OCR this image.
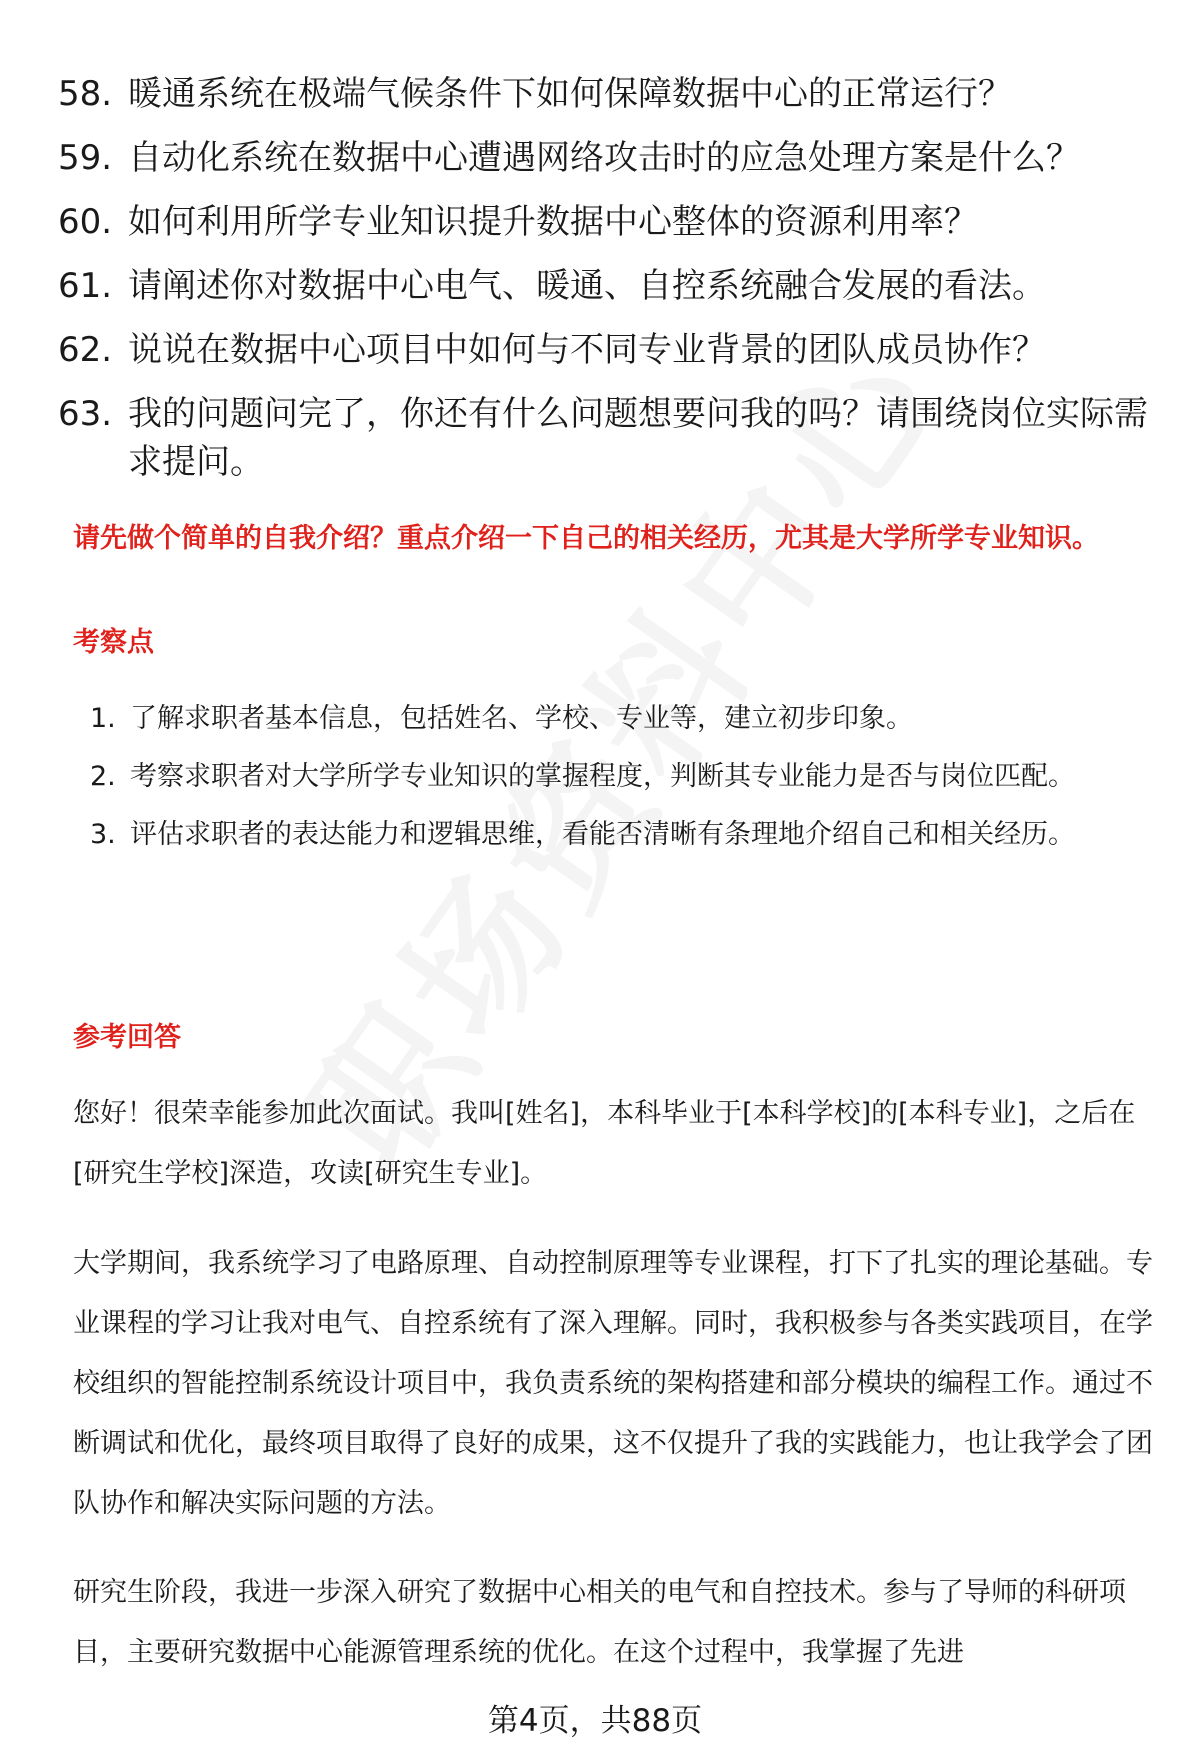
58. 暖通系统在极端气候条件下如何保障数据中心的正常运行？
59. 自动化系统在数据中心遭遇网络攻击时的应急处理方案是什么？
60. 如何利用所学专业知识提升数据中心整体的资源利用率？
61. 请阐述你对数据中心电气、暖通、自控系统融合发展的看法。
62. 说说在数据中心项目中如何与不同专业背景的团队成员协作？
63. 我的问题问完了，你还有什么问题想要问我的吗？请围绕岗位实际需求提问。
请先做个简单的自我介绍？重点介绍一下自己的相关经历，尤其是大学所学专业知识。
考察点
1. 了解求职者基本信息，包括姓名、学校、专业等，建立初步印象。
2. 考察求职者对大学所学专业知识的掌握程度，判断其专业能力是否与岗位匹配。
3. 评估求职者的表达能力和逻辑思维，看能否清晰有条理地介绍自己和相关经历。
参考回答

您好！很荣幸能参加此次面试。我叫[姓名]，本科毕业于[本科学校]的[本科专业]，之后在[研究生学校]深造，攻读[研究生专业]。

大学期间，我系统学习了电路原理、自动控制原理等专业课程，打下了扎实的理论基础。专业课程的学习让我对电气、自控系统有了深入理解。同时，我积极参与各类实践项目，在学校组织的智能控制系统设计项目中，我负责系统的架构搭建和部分模块的编程工作。通过不断调试和优化，最终项目取得了良好的成果，这不仅提升了我的实践能力，也让我学会了团队协作和解决实际问题的方法。

研究生阶段，我进一步深入研究了数据中心相关的电气和自控技术。参与了导师的科研项目，主要研究数据中心能源管理系统的优化。在这个过程中，我掌握了先进

第4页，共88页
